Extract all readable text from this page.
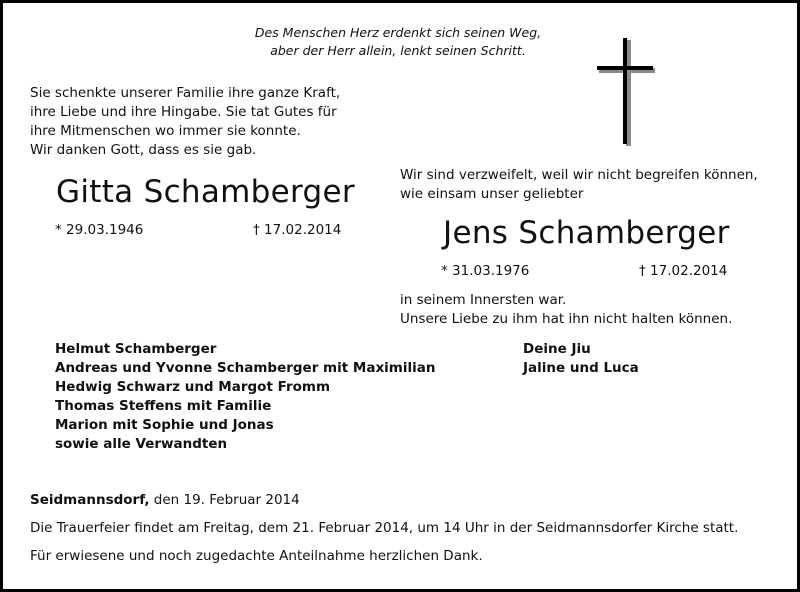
Des Menschen Herz erdenkt sich seinen Weg,
aber der Herr allein, lenkt seinen Schritt.
Sie schenkte unserer Familie ihre ganze Kraft,
ihre Liebe und ihre Hingabe. Sie tat Gutes für
ihre Mitmenschen wo immer sie konnte.
Wir danken Gott, dass es sie gab.
Gitta Schamberger
* 29.03.1946	† 17.02.2014
Wir sind verzweifelt, weil wir nicht begreifen können,
wie einsam unser geliebter
Jens Schamberger
* 31.03.1976	† 17.02.2014
in seinem Innersten war.
Unsere Liebe zu ihm hat ihn nicht halten können.
Helmut Schamberger
Andreas und Yvonne Schamberger mit Maximilian
Hedwig Schwarz und Margot Fromm
Thomas Steffens mit Familie
Marion mit Sophie und Jonas
sowie alle Verwandten
Deine Jiu
Jaline und Luca
Seidmannsdorf, den 19. Februar 2014
Die Trauerfeier findet am Freitag, dem 21. Februar 2014, um 14 Uhr in der Seidmannsdorfer Kirche statt.
Für erwiesene und noch zugedachte Anteilnahme herzlichen Dank.
